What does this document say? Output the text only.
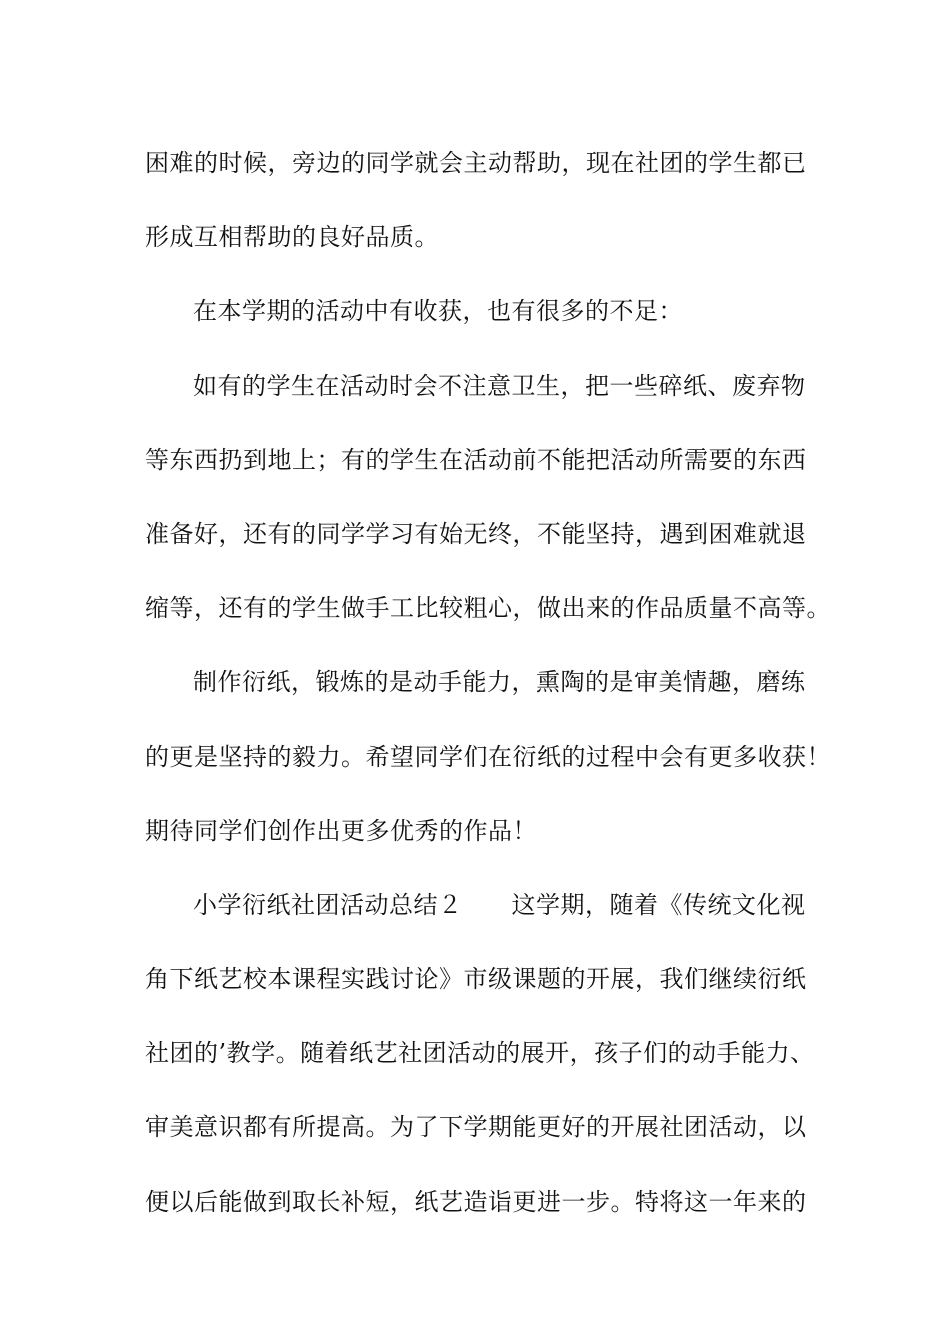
困难的时候，旁边的同学就会主动帮助，现在社团的学生都已
形成互相帮助的良好品质。
在本学期的活动中有收获，也有很多的不足：
如有的学生在活动时会不注意卫生，把一些碎纸、废弃物
等东西扔到地上；有的学生在活动前不能把活动所需要的东西
准备好，还有的同学学习有始无终，不能坚持，遇到困难就退
缩等，还有的学生做手工比较粗心，做出来的作品质量不高等。
制作衍纸，锻炼的是动手能力，熏陶的是审美情趣，磨练
的更是坚持的毅力。希望同学们在衍纸的过程中会有更多收获！
期待同学们创作出更多优秀的作品！
小学衍纸社团活动总结２　　这学期，随着《传统文化视
角下纸艺校本课程实践讨论》市级课题的开展，我们继续衍纸
社团的’教学。随着纸艺社团活动的展开，孩子们的动手能力、
审美意识都有所提高。为了下学期能更好的开展社团活动，以
便以后能做到取长补短，纸艺造诣更进一步。特将这一年来的
